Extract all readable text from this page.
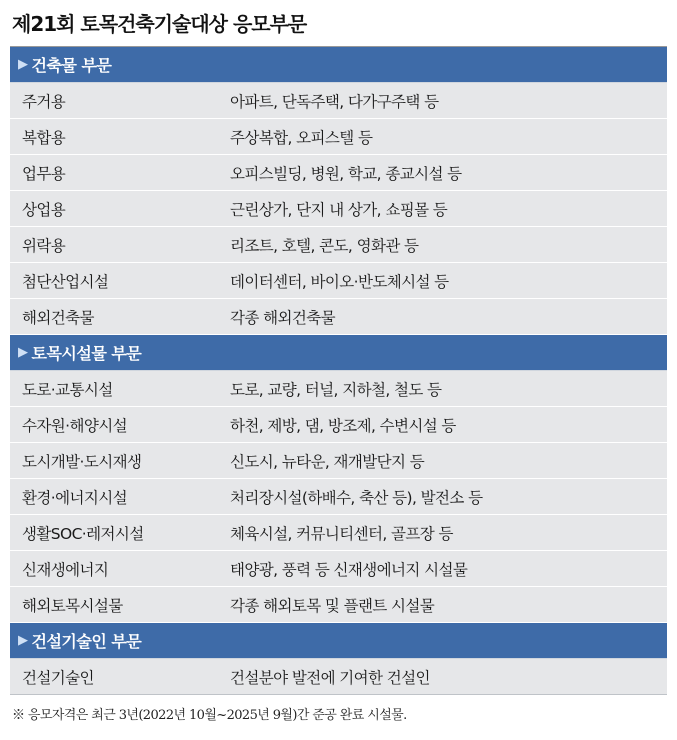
제21회 토목건축기술대상 응모부문
▶ 건축물 부문
주거용	아파트, 단독주택, 다가구주택 등
복합용	주상복합, 오피스텔 등
업무용	오피스빌딩, 병원, 학교, 종교시설 등
상업용	근린상가, 단지 내 상가, 쇼핑몰 등
위락용	리조트, 호텔, 콘도, 영화관 등
첨단산업시설	데이터센터, 바이오·반도체시설 등
해외건축물	각종 해외건축물
▶ 토목시설물 부문
도로·교통시설	도로, 교량, 터널, 지하철, 철도 등
수자원·해양시설	하천, 제방, 댐, 방조제, 수변시설 등
도시개발·도시재생	신도시, 뉴타운, 재개발단지 등
환경·에너지시설	처리장시설(하배수, 축산 등), 발전소 등
생활SOC·레저시설	체육시설, 커뮤니티센터, 골프장 등
신재생에너지	태양광, 풍력 등 신재생에너지 시설물
해외토목시설물	각종 해외토목 및 플랜트 시설물
▶ 건설기술인 부문
건설기술인	건설분야 발전에 기여한 건설인
※ 응모자격은 최근 3년(2022년 10월~2025년 9월)간 준공 완료 시설물.
